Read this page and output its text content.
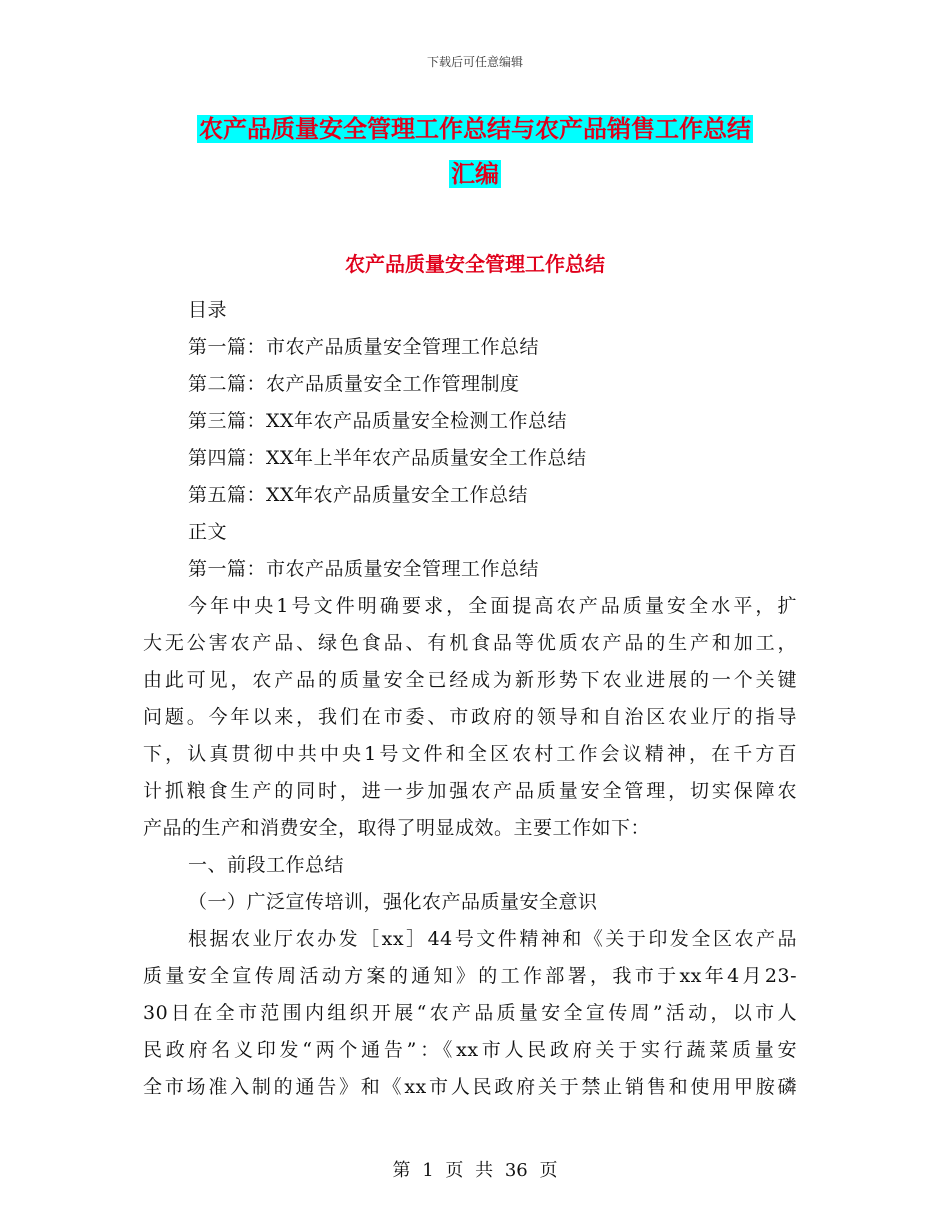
下载后可任意编辑
农产品质量安全管理工作总结与农产品销售工作总结
汇编
农产品质量安全管理工作总结
目录
第一篇：市农产品质量安全管理工作总结
第二篇：农产品质量安全工作管理制度
第三篇：XX年农产品质量安全检测工作总结
第四篇：XX年上半年农产品质量安全工作总结
第五篇：XX年农产品质量安全工作总结
正文
第一篇：市农产品质量安全管理工作总结
今年中央1号文件明确要求，全面提高农产品质量安全水平，扩
大无公害农产品、绿色食品、有机食品等优质农产品的生产和加工，
由此可见，农产品的质量安全已经成为新形势下农业进展的一个关键
问题。今年以来，我们在市委、市政府的领导和自治区农业厅的指导
下，认真贯彻中共中央1号文件和全区农村工作会议精神，在千方百
计抓粮食生产的同时，进一步加强农产品质量安全管理，切实保障农
产品的生产和消费安全，取得了明显成效。主要工作如下：
一、前段工作总结
（一）广泛宣传培训，强化农产品质量安全意识
根据农业厅农办发［xx］44号文件精神和《关于印发全区农产品
质量安全宣传周活动方案的通知》的工作部署，我市于xx年4月23-
30日在全市范围内组织开展“农产品质量安全宣传周”活动，以市人
民政府名义印发“两个通告”：《xx市人民政府关于实行蔬菜质量安
全市场准入制的通告》和《xx市人民政府关于禁止销售和使用甲胺磷
第 1 页 共 36 页
